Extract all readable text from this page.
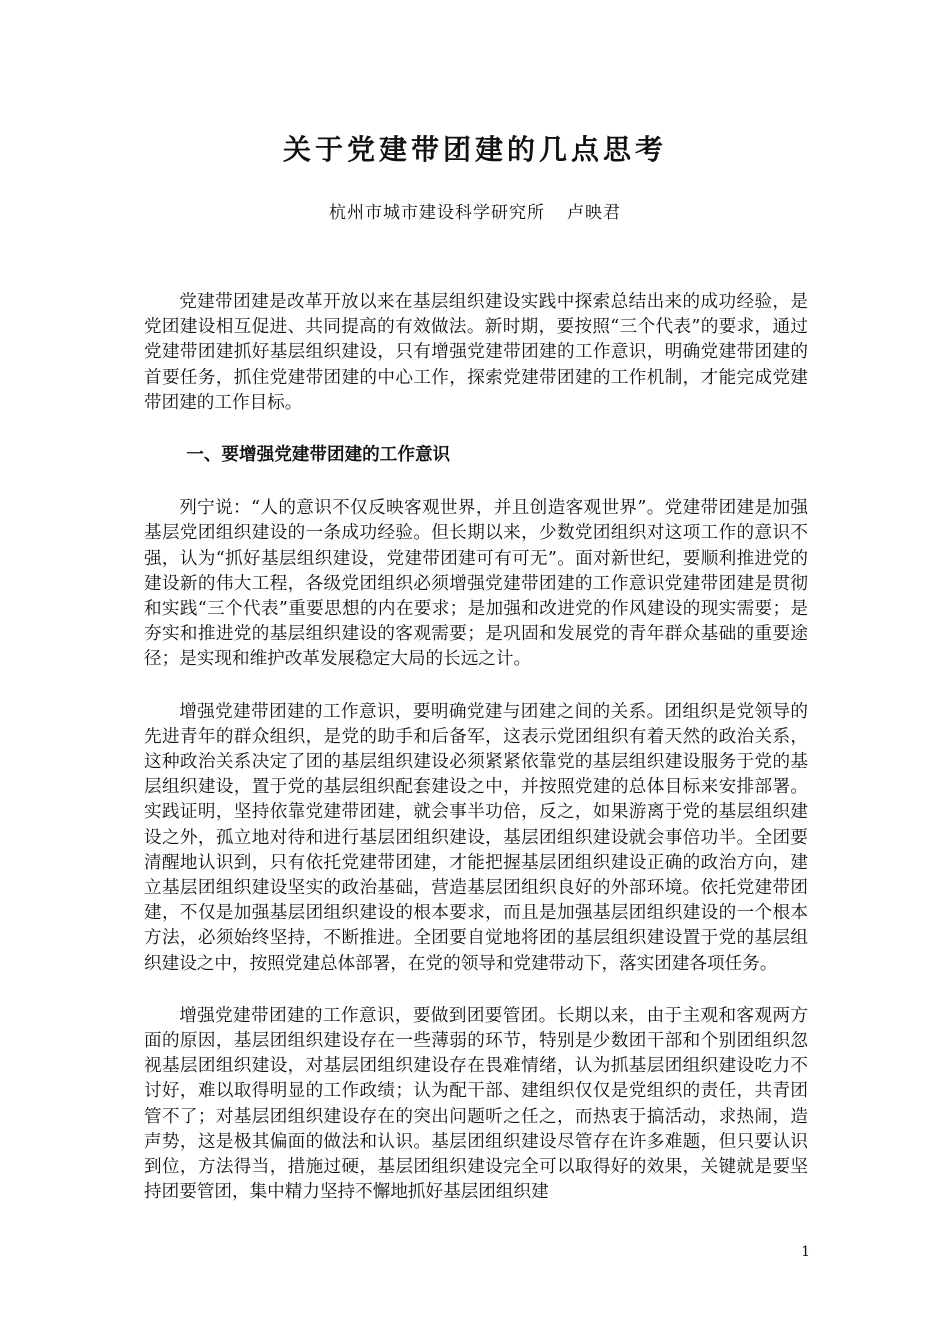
关于党建带团建的几点思考
杭州市城市建设科学研究所 卢映君

党建带团建是改革开放以来在基层组织建设实践中探索总结出来的成功经验，是党团建设相互促进、共同提高的有效做法。新时期，要按照“三个代表”的要求，通过党建带团建抓好基层组织建设，只有增强党建带团建的工作意识，明确党建带团建的首要任务，抓住党建带团建的中心工作，探索党建带团建的工作机制，才能完成党建带团建的工作目标。

一、要增强党建带团建的工作意识

列宁说：“人的意识不仅反映客观世界，并且创造客观世界”。党建带团建是加强基层党团组织建设的一条成功经验。但长期以来，少数党团组织对这项工作的意识不强，认为“抓好基层组织建设，党建带团建可有可无”。面对新世纪，要顺利推进党的建设新的伟大工程，各级党团组织必须增强党建带团建的工作意识党建带团建是贯彻和实践“三个代表”重要思想的内在要求；是加强和改进党的作风建设的现实需要；是夯实和推进党的基层组织建设的客观需要；是巩固和发展党的青年群众基础的重要途径；是实现和维护改革发展稳定大局的长远之计。

增强党建带团建的工作意识，要明确党建与团建之间的关系。团组织是党领导的先进青年的群众组织，是党的助手和后备军，这表示党团组织有着天然的政治关系，这种政治关系决定了团的基层组织建设必须紧紧依靠党的基层组织建设服务于党的基层组织建设，置于党的基层组织配套建设之中，并按照党建的总体目标来安排部署。实践证明，坚持依靠党建带团建，就会事半功倍，反之，如果游离于党的基层组织建设之外，孤立地对待和进行基层团组织建设，基层团组织建设就会事倍功半。全团要清醒地认识到，只有依托党建带团建，才能把握基层团组织建设正确的政治方向，建立基层团组织建设坚实的政治基础，营造基层团组织良好的外部环境。依托党建带团建，不仅是加强基层团组织建设的根本要求，而且是加强基层团组织建设的一个根本方法，必须始终坚持，不断推进。全团要自觉地将团的基层组织建设置于党的基层组织建设之中，按照党建总体部署，在党的领导和党建带动下，落实团建各项任务。

增强党建带团建的工作意识，要做到团要管团。长期以来，由于主观和客观两方面的原因，基层团组织建设存在一些薄弱的环节，特别是少数团干部和个别团组织忽视基层团组织建设，对基层团组织建设存在畏难情绪，认为抓基层团组织建设吃力不讨好，难以取得明显的工作政绩；认为配干部、建组织仅仅是党组织的责任，共青团管不了；对基层团组织建设存在的突出问题听之任之，而热衷于搞活动，求热闹，造声势，这是极其偏面的做法和认识。基层团组织建设尽管存在许多难题，但只要认识到位，方法得当，措施过硬，基层团组织建设完全可以取得好的效果，关键就是要坚持团要管团，集中精力坚持不懈地抓好基层团组织建

1
